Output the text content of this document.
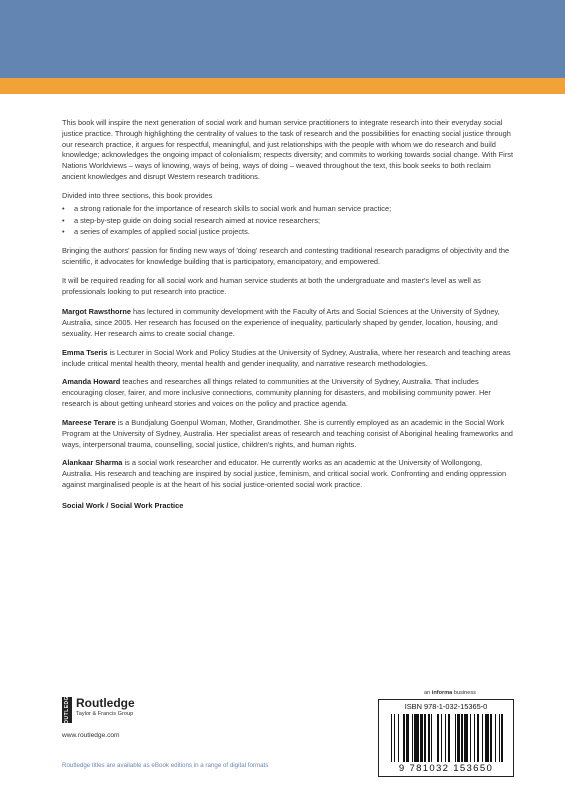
This book will inspire the next generation of social work and human service practitioners to integrate research into their everyday social justice practice. Through highlighting the centrality of values to the task of research and the possibilities for enacting social justice through our research practice, it argues for respectful, meaningful, and just relationships with the people with whom we do research and build knowledge; acknowledges the ongoing impact of colonialism; respects diversity; and commits to working towards social change. With First Nations Worldviews – ways of knowing, ways of being, ways of doing – weaved throughout the text, this book seeks to both reclaim ancient knowledges and disrupt Western research traditions.

Divided into three sections, this book provides

• a strong rationale for the importance of research skills to social work and human service practice;
• a step-by-step guide on doing social research aimed at novice researchers;
• a series of examples of applied social justice projects.

Bringing the authors' passion for finding new ways of 'doing' research and contesting traditional research paradigms of objectivity and the scientific, it advocates for knowledge building that is participatory, emancipatory, and empowered.

It will be required reading for all social work and human service students at both the undergraduate and master's level as well as professionals looking to put research into practice.

Margot Rawsthorne has lectured in community development with the Faculty of Arts and Social Sciences at the University of Sydney, Australia, since 2005. Her research has focused on the experience of inequality, particularly shaped by gender, location, housing, and sexuality. Her research aims to create social change.

Emma Tseris is Lecturer in Social Work and Policy Studies at the University of Sydney, Australia, where her research and teaching areas include critical mental health theory, mental health and gender inequality, and narrative research methodologies.

Amanda Howard teaches and researches all things related to communities at the University of Sydney, Australia. That includes encouraging closer, fairer, and more inclusive connections, community planning for disasters, and mobilising community power. Her research is about getting unheard stories and voices on the policy and practice agenda.

Mareese Terare is a Bundjalung Goenpul Woman, Mother, Grandmother. She is currently employed as an academic in the Social Work Program at the University of Sydney, Australia. Her specialist areas of research and teaching consist of Aboriginal healing frameworks and ways, interpersonal trauma, counselling, social justice, children's rights, and human rights.

Alankaar Sharma is a social work researcher and educator. He currently works as an academic at the University of Wollongong, Australia. His research and teaching are inspired by social justice, feminism, and critical social work. Confronting and ending oppression against marginalised people is at the heart of his social justice-oriented social work practice.

Social Work / Social Work Practice
ROUTLEDGE Routledge
Taylor & Francis Group
www.routledge.com
Routledge titles are available as eBook editions in a range of digital formats
an informa business
ISBN 978-1-032-15365-0
9 781032 153650
